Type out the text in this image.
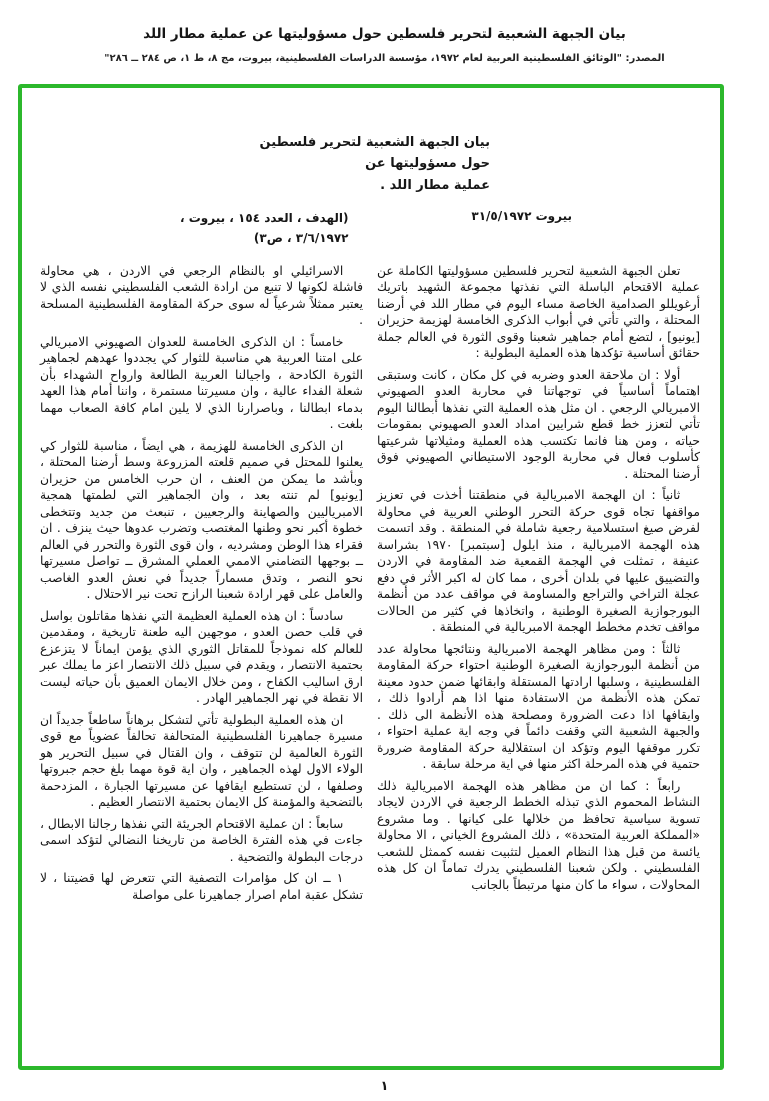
بيان الجبهة الشعبية لتحرير فلسطين حول مسؤوليتها عن عملية مطار اللد
المصدر: "الوثائق الفلسطينية العربية لعام ١٩٧٢، مؤسسة الدراسات الفلسطينية، بيروت، مج ٨، ط ١، ص ٢٨٤ ــ ٢٨٦"
بيان الجبهة الشعبية لتحرير فلسطين حول مسؤوليتها عن
عملية مطار اللد .
(الهدف ، العدد ١٥٤ ، بيروت ،
٣/٦/١٩٧٢ ، ص٣)
بيروت ٣١/٥/١٩٧٢

تعلن الجبهة الشعبية لتحرير فلسطين مسؤوليتها الكاملة عن عملية الاقتحام الباسلة التي نفذتها مجموعة الشهيد باتريك أرغويللو الصدامية الخاصة مساء اليوم في مطار اللد في أرضنا المحتلة ، والتي تأتي في أبواب الذكرى الخامسة لهزيمة حزيران [يونيو] ، لتضع أمام جماهير شعبنا وقوى الثورة في العالم جملة حقائق أساسية تؤكدها هذه العملية البطولية :

أولا : ان ملاحقة العدو وضربه في كل مكان ، كانت وستبقى اهتماماً أساسياً في توجهاتنا في محاربة العدو الصهيوني الامبريالي الرجعي . ان مثل هذه العملية التي نفذها أبطالنا اليوم تأتي لتعزز خط قطع شرايين امداد العدو الصهيوني بمقومات حياته ، ومن هنا فانما تكتسب هذه العملية ومثيلاتها شرعيتها كأسلوب فعال في محاربة الوجود الاستيطاني الصهيوني فوق أرضنا المحتلة .

ثانياً : ان الهجمة الامبريالية في منطقتنا أخذت في تعزيز مواقفها تجاه قوى حركة التحرر الوطني العربية في محاولة لفرض صيغ استسلامية رجعية شاملة في المنطقة . وقد اتسمت هذه الهجمة الامبريالية ، منذ ايلول [سبتمبر] ١٩٧٠ بشراسة عنيفة ، تمثلت في الهجمة القمعية ضد المقاومة في الاردن والتضييق عليها في بلدان أخرى ، مما كان له اكبر الأثر في دفع عجلة التراخي والتراجع والمساومة في مواقف عدد من أنظمة البورجوازية الصغيرة الوطنية ، واتخاذها في كثير من الحالات مواقف تخدم مخطط الهجمة الامبريالية في المنطقة .

ثالثاً : ومن مظاهر الهجمة الامبريالية ونتائجها محاولة عدد من أنظمة البورجوازية الصغيرة الوطنية احتواء حركة المقاومة الفلسطينية ، وسلبها ارادتها المستقلة وابقائها ضمن حدود معينة تمكن هذه الأنظمة من الاستفادة منها اذا هم أرادوا ذلك ، وايقافها اذا دعت الضرورة ومصلحة هذه الأنظمة الى ذلك . والجبهة الشعبية التي وقفت دائماً في وجه اية عملية احتواء ، تكرر موقفها اليوم وتؤكد ان استقلالية حركة المقاومة ضرورة حتمية في هذه المرحلة اكثر منها في اية مرحلة سابقة .

رابعاً : كما ان من مظاهر هذه الهجمة الامبريالية ذلك النشاط المحموم الذي تبذله الخطط الرجعية في الاردن لايجاد تسوية سياسية تحافظ من خلالها على كيانها . وما مشروع «المملكة العربية المتحدة» ، ذلك المشروع الخياني ، الا محاولة يائسة من قبل هذا النظام العميل لتثبيت نفسه كممثل للشعب الفلسطيني . ولكن شعبنا الفلسطيني يدرك تماماً ان كل هذه المحاولات ، سواء ما كان منها مرتبطاً بالجانب

الاسرائيلي او بالنظام الرجعي في الاردن ، هي محاولة فاشلة لكونها لا تنبع من ارادة الشعب الفلسطيني نفسه الذي لا يعتبر ممثلاً شرعياً له سوى حركة المقاومة الفلسطينية المسلحة .

خامساً : ان الذكرى الخامسة للعدوان الصهيوني الامبريالي على امتنا العربية هي مناسبة للثوار كي يجددوا عهدهم لجماهير الثورة الكادحة ، واجيالنا العربية الطالعة وارواح الشهداء بأن شعلة الفداء عالية ، وان مسيرتنا مستمرة ، واننا أمام هذا العهد بدماء ابطالنا ، وباصرارنا الذي لا يلين امام كافة الصعاب مهما بلغت .

ان الذكرى الخامسة للهزيمة ، هي ايضاً ، مناسبة للثوار كي يعلنوا للمحتل في صميم قلعته المزروعة وسط أرضنا المحتلة ، وبأشد ما يمكن من العنف ، ان حرب الخامس من حزيران [يونيو] لم تنته بعد ، وان الجماهير التي لطمتها همجية الامبرياليين والصهاينة والرجعيين ، تنبعث من جديد وتتخطى خطوة أكبر نحو وطنها المغتصب وتضرب عدوها حيث ينزف . ان فقراء هذا الوطن ومشرديه ، وان قوى الثورة والتحرر في العالم ــ بوجهها التضامني الاممي العملي المشرق ــ تواصل مسيرتها نحو النصر ، وتدق مسماراً جديداً في نعش العدو الغاصب والعامل على قهر ارادة شعبنا الرازح تحت نير الاحتلال .

سادساً : ان هذه العملية العظيمة التي نفذها مقاتلون بواسل في قلب حصن العدو ، موجهين اليه طعنة تاريخية ، ومقدمين للعالم كله نموذجاً للمقاتل الثوري الذي يؤمن ايماناً لا يتزعزع بحتمية الانتصار ، ويقدم في سبيل ذلك الانتصار اعز ما يملك عبر ارق اساليب الكفاح ، ومن خلال الايمان العميق بأن حياته ليست الا نقطة في نهر الجماهير الهادر .

ان هذه العملية البطولية تأتي لتشكل برهاناً ساطعاً جديداً ان مسيرة جماهيرنا الفلسطينية المتحالفة تحالفاً عضوياً مع قوى الثورة العالمية لن تتوقف ، وان القتال في سبيل التحرير هو الولاء الاول لهذه الجماهير ، وان اية قوة مهما بلغ حجم جبروتها وصلفها ، لن تستطيع ايقافها عن مسيرتها الجبارة ، المزدحمة بالتضحية والمؤمنة كل الايمان بحتمية الانتصار العظيم .

سابعاً : ان عملية الاقتحام الجريئة التي نفذها رجالنا الابطال ، جاءت في هذه الفترة الخاصة من تاريخنا النضالي لتؤكد اسمى درجات البطولة والتضحية .

١ ــ ان كل مؤامرات التصفية التي تتعرض لها قضيتنا ، لا تشكل عقبة امام اصرار جماهيرنا على مواصلة

١
